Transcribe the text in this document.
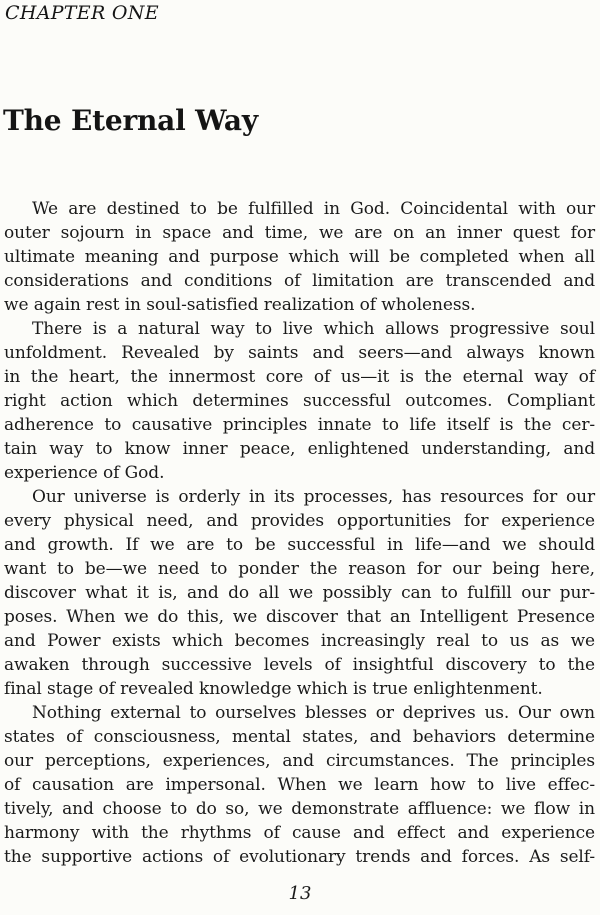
CHAPTER ONE
The Eternal Way
We are destined to be fulfilled in God. Coincidental with our
outer sojourn in space and time, we are on an inner quest for
ultimate meaning and purpose which will be completed when all
considerations and conditions of limitation are transcended and
we again rest in soul-satisfied realization of wholeness.
There is a natural way to live which allows progressive soul
unfoldment. Revealed by saints and seers—and always known
in the heart, the innermost core of us—it is the eternal way of
right action which determines successful outcomes. Compliant
adherence to causative principles innate to life itself is the cer-
tain way to know inner peace, enlightened understanding, and
experience of God.
Our universe is orderly in its processes, has resources for our
every physical need, and provides opportunities for experience
and growth. If we are to be successful in life—and we should
want to be—we need to ponder the reason for our being here,
discover what it is, and do all we possibly can to fulfill our pur-
poses. When we do this, we discover that an Intelligent Presence
and Power exists which becomes increasingly real to us as we
awaken through successive levels of insightful discovery to the
final stage of revealed knowledge which is true enlightenment.
Nothing external to ourselves blesses or deprives us. Our own
states of consciousness, mental states, and behaviors determine
our perceptions, experiences, and circumstances. The principles
of causation are impersonal. When we learn how to live effec-
tively, and choose to do so, we demonstrate affluence: we flow in
harmony with the rhythms of cause and effect and experience
the supportive actions of evolutionary trends and forces. As self-
13
